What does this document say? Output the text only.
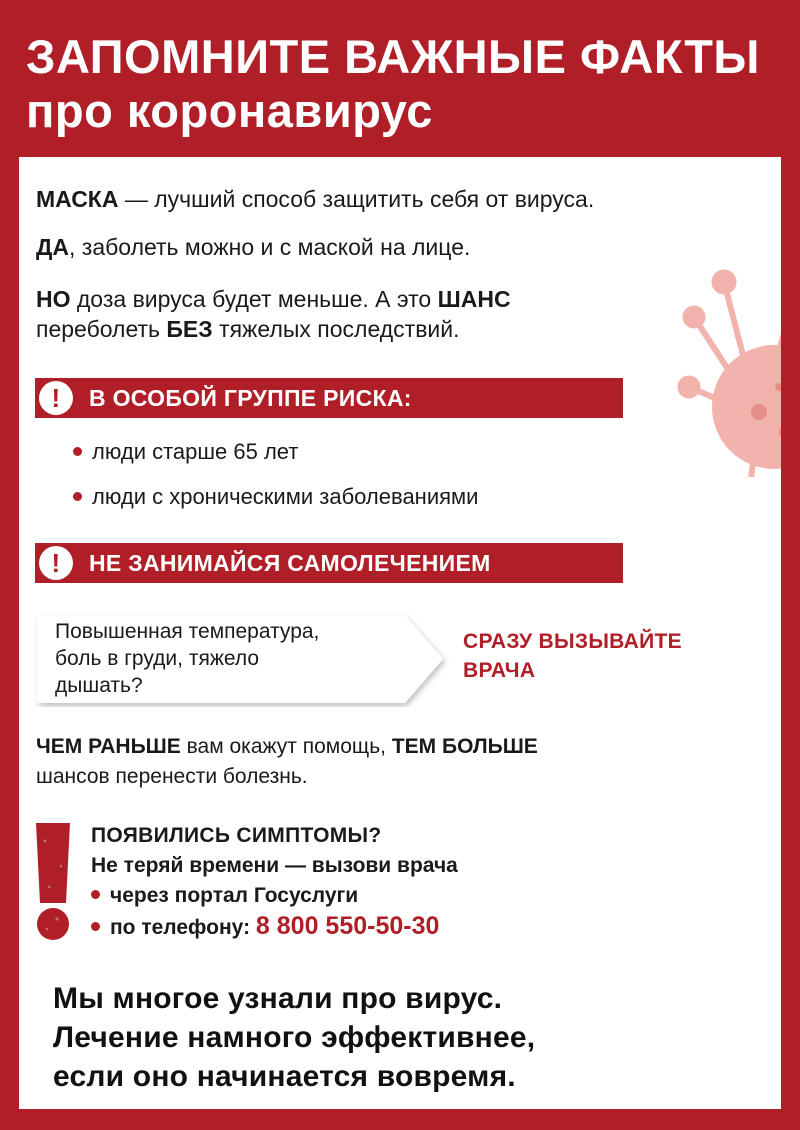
ЗАПОМНИТЕ ВАЖНЫЕ ФАКТЫ
про коронавирус
МАСКА — лучший способ защитить себя от вируса.
ДА, заболеть можно и с маской на лице.
НО доза вируса будет меньше. А это ШАНС
переболеть БЕЗ тяжелых последствий.
!	В ОСОБОЙ ГРУППЕ РИСКА:
люди старше 65 лет
люди с хроническими заболеваниями
!	НЕ ЗАНИМАЙСЯ САМОЛЕЧЕНИЕМ
Повышенная температура,
боль в груди, тяжело
дышать?
СРАЗУ ВЫЗЫВАЙТЕ
ВРАЧА
ЧЕМ РАНЬШЕ вам окажут помощь, ТЕМ БОЛЬШЕ
шансов перенести болезнь.
ПОЯВИЛИСЬ СИМПТОМЫ?
Не теряй времени — вызови врача
через портал Госуслуги
по телефону: 8 800 550-50-30
Мы многое узнали про вирус.
Лечение намного эффективнее,
если оно начинается вовремя.
